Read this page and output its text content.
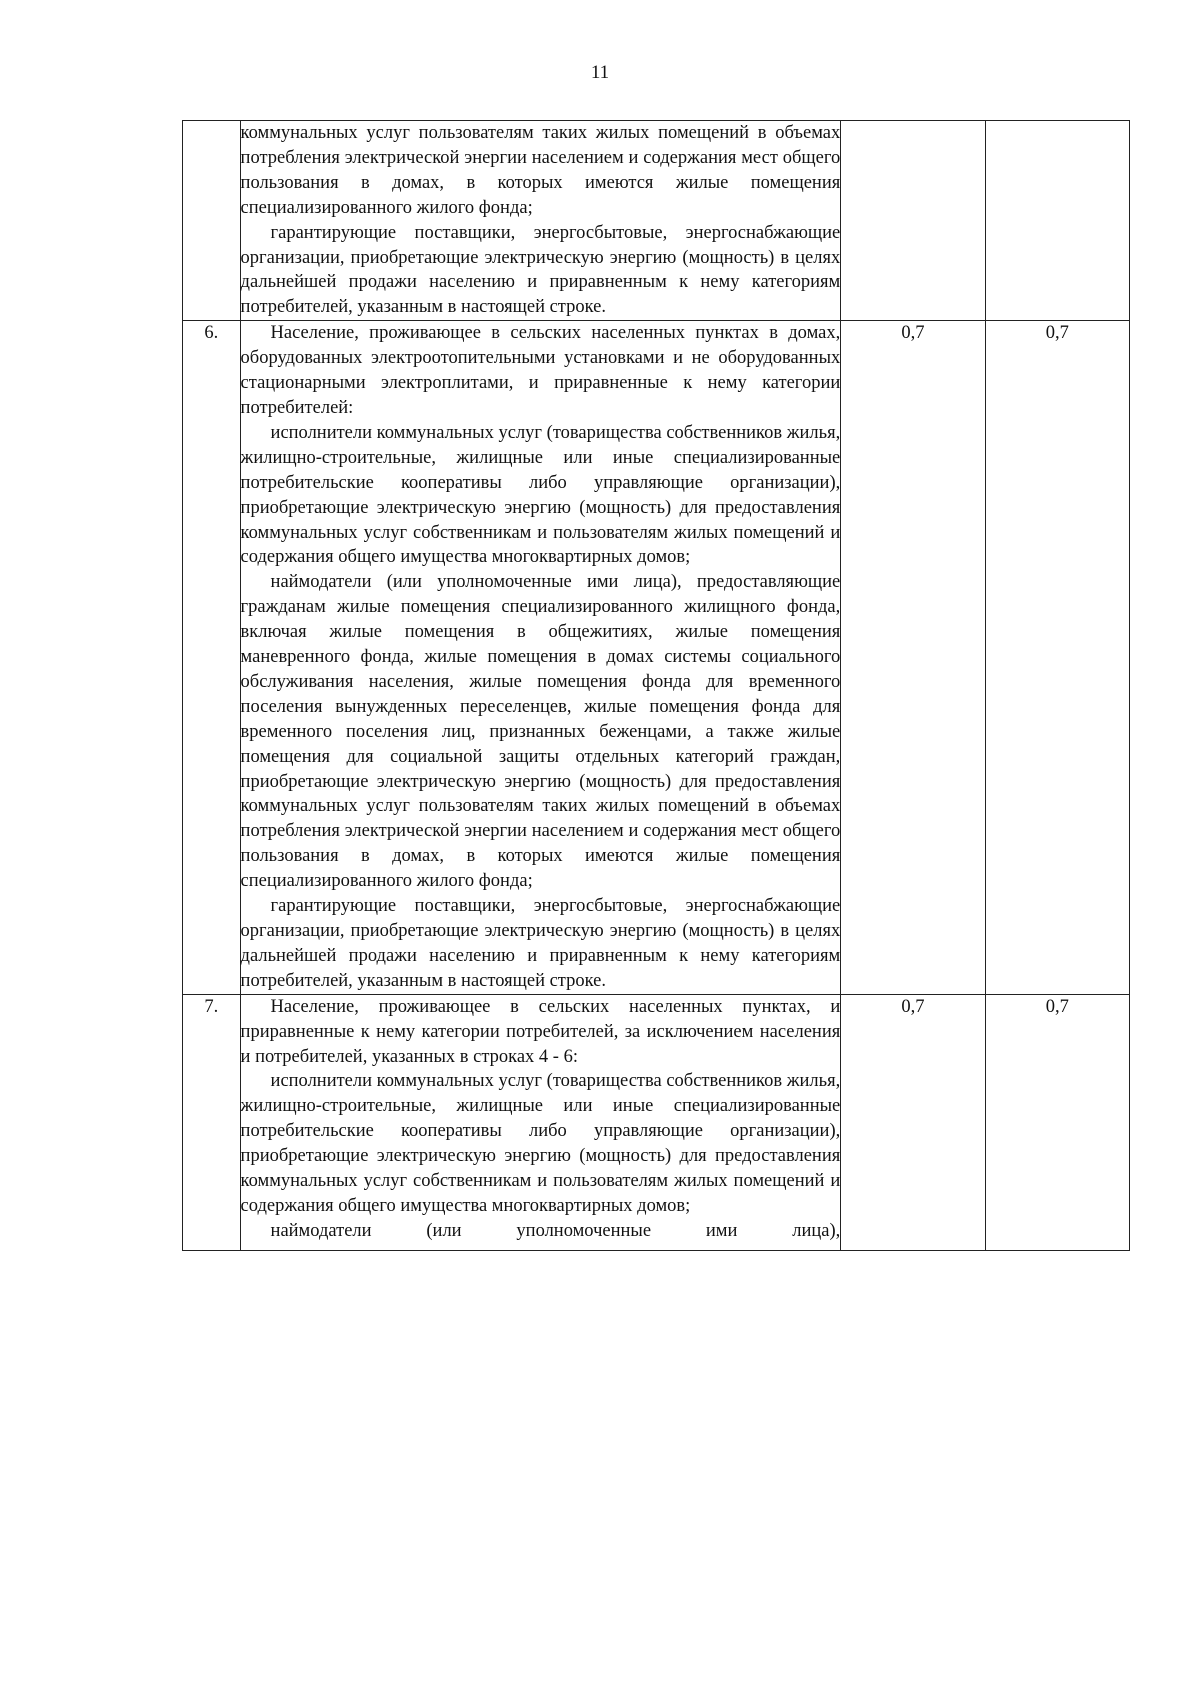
11

	коммунальных услуг пользователям таких жилых помещений в объемах потребления электрической энергии населением и содержания мест общего пользования в домах, в которых имеются жилые помещения специализированного жилого фонда;

гарантирующие поставщики, энергосбытовые, энергоснабжающие организации, приобретающие электрическую энергию (мощность) в целях дальнейшей продажи населению и приравненным к нему категориям потребителей, указанным в настоящей строке.		

6.	Население, проживающее в сельских населенных пунктах в домах, оборудованных электроотопительными установками и не оборудованных стационарными электроплитами, и приравненные к нему категории потребителей:

исполнители коммунальных услуг (товарищества собственников жилья, жилищно-строительные, жилищные или иные специализированные потребительские кооперативы либо управляющие организации), приобретающие электрическую энергию (мощность) для предоставления коммунальных услуг собственникам и пользователям жилых помещений и содержания общего имущества многоквартирных домов;

наймодатели (или уполномоченные ими лица), предоставляющие гражданам жилые помещения специализированного жилищного фонда, включая жилые помещения в общежитиях, жилые помещения маневренного фонда, жилые помещения в домах системы социального обслуживания населения, жилые помещения фонда для временного поселения вынужденных переселенцев, жилые помещения фонда для временного поселения лиц, признанных беженцами, а также жилые помещения для социальной защиты отдельных категорий граждан, приобретающие электрическую энергию (мощность) для предоставления коммунальных услуг пользователям таких жилых помещений в объемах потребления электрической энергии населением и содержания мест общего пользования в домах, в которых имеются жилые помещения специализированного жилого фонда;

гарантирующие поставщики, энергосбытовые, энергоснабжающие организации, приобретающие электрическую энергию (мощность) в целях дальнейшей продажи населению и приравненным к нему категориям потребителей, указанным в настоящей строке.	0,7	0,7
7.	Население, проживающее в сельских населенных пунктах, и приравненные к нему категории потребителей, за исключением населения и потребителей, указанных в строках 4 - 6:

исполнители коммунальных услуг (товарищества собственников жилья, жилищно-строительные, жилищные или иные специализированные потребительские кооперативы либо управляющие организации), приобретающие электрическую энергию (мощность) для предоставления коммунальных услуг собственникам и пользователям жилых помещений и содержания общего имущества многоквартирных домов;

наймодатели (или уполномоченные ими лица),	0,7	0,7
